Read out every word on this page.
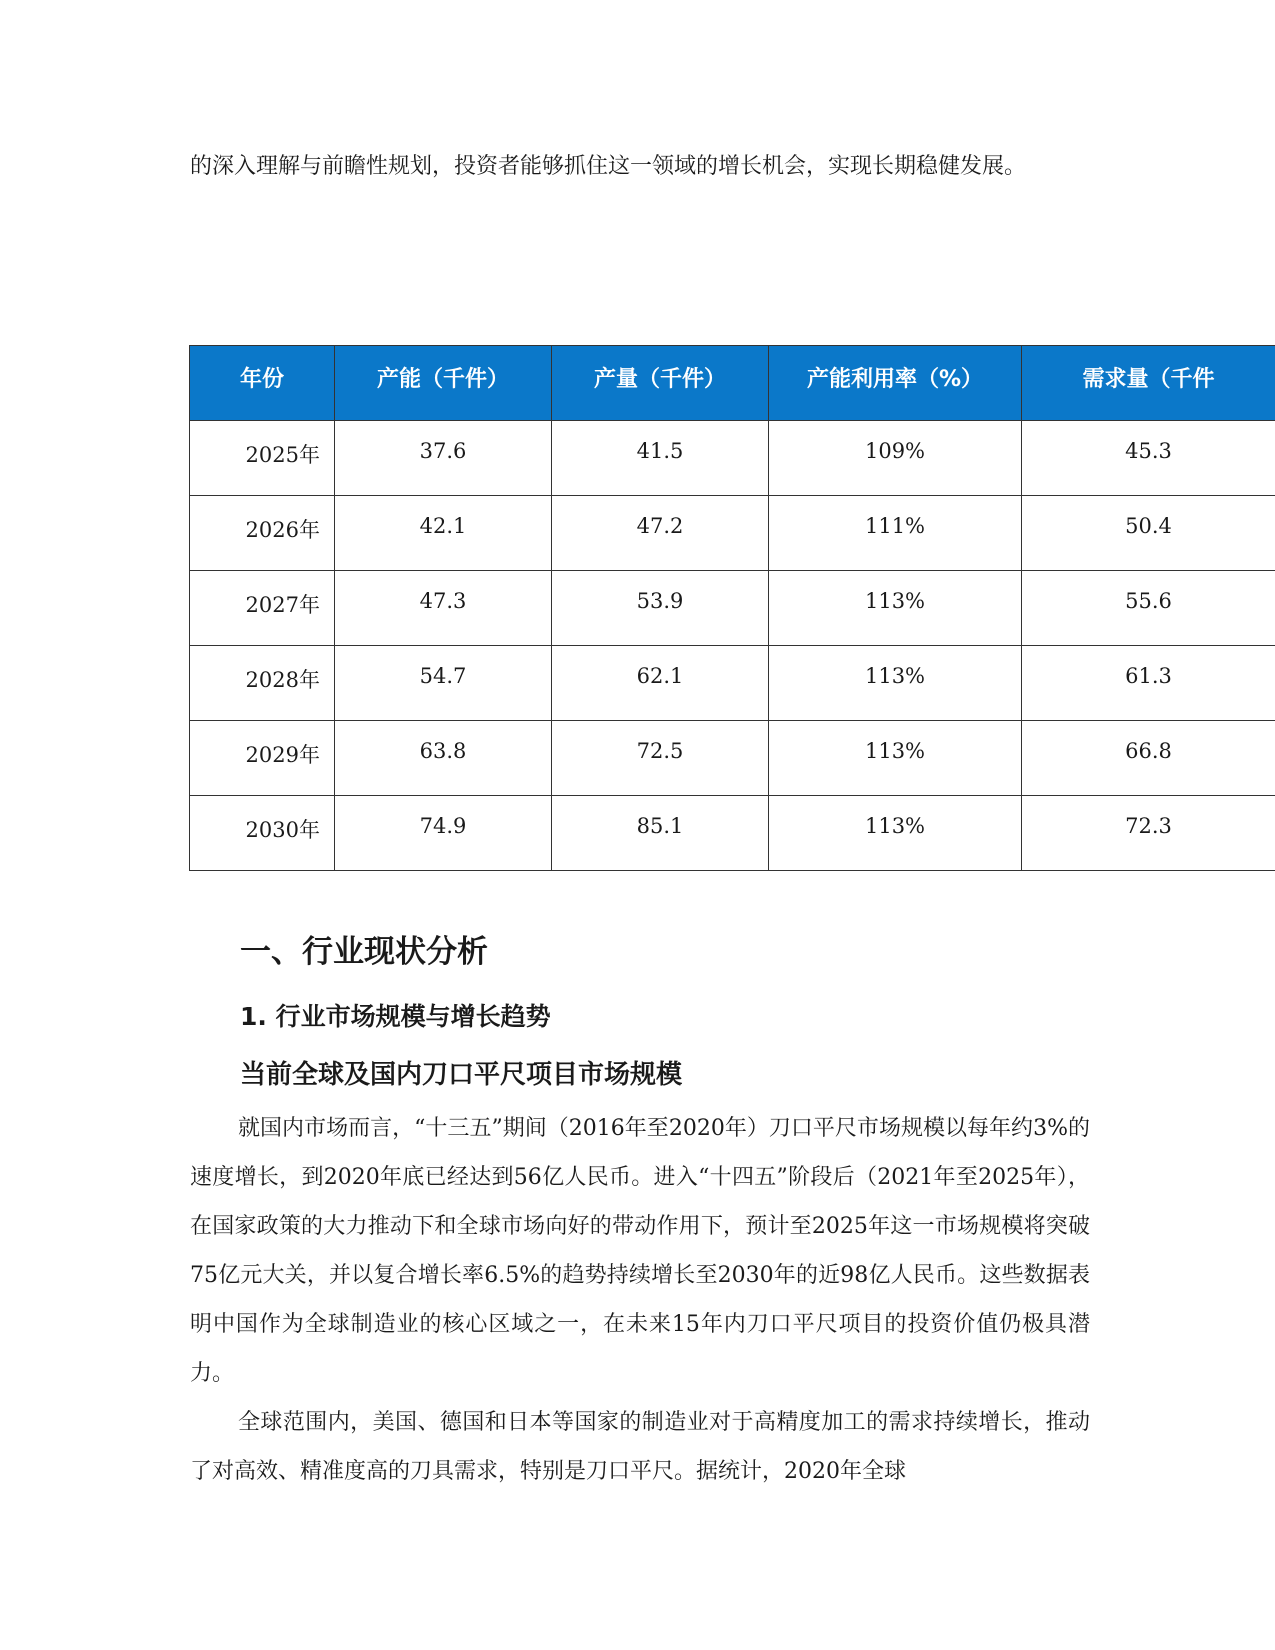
的深入理解与前瞻性规划，投资者能够抓住这一领域的增长机会，实现长期稳健发展。

年份	产能（千件）	产量（千件）	产能利用率（%）	需求量（千件
2025年	37.6	41.5	109%	45.3
2026年	42.1	47.2	111%	50.4
2027年	47.3	53.9	113%	55.6
2028年	54.7	62.1	113%	61.3
2029年	63.8	72.5	113%	66.8
2030年	74.9	85.1	113%	72.3
一、行业现状分析
1. 行业市场规模与增长趋势
当前全球及国内刀口平尺项目市场规模

就国内市场而言，“十三五”期间（2016年至2020年）刀口平尺市场规模以每年约3%的速度增长，到2020年底已经达到56亿人民币。进入“十四五”阶段后（2021年至2025年），在国家政策的大力推动下和全球市场向好的带动作用下，预计至2025年这一市场规模将突破75亿元大关，并以复合增长率6.5%的趋势持续增长至2030年的近98亿人民币。这些数据表明中国作为全球制造业的核心区域之一，在未来15年内刀口平尺项目的投资价值仍极具潜力。

全球范围内，美国、德国和日本等国家的制造业对于高精度加工的需求持续增长，推动了对高效、精准度高的刀具需求，特别是刀口平尺。据统计，2020年全球
